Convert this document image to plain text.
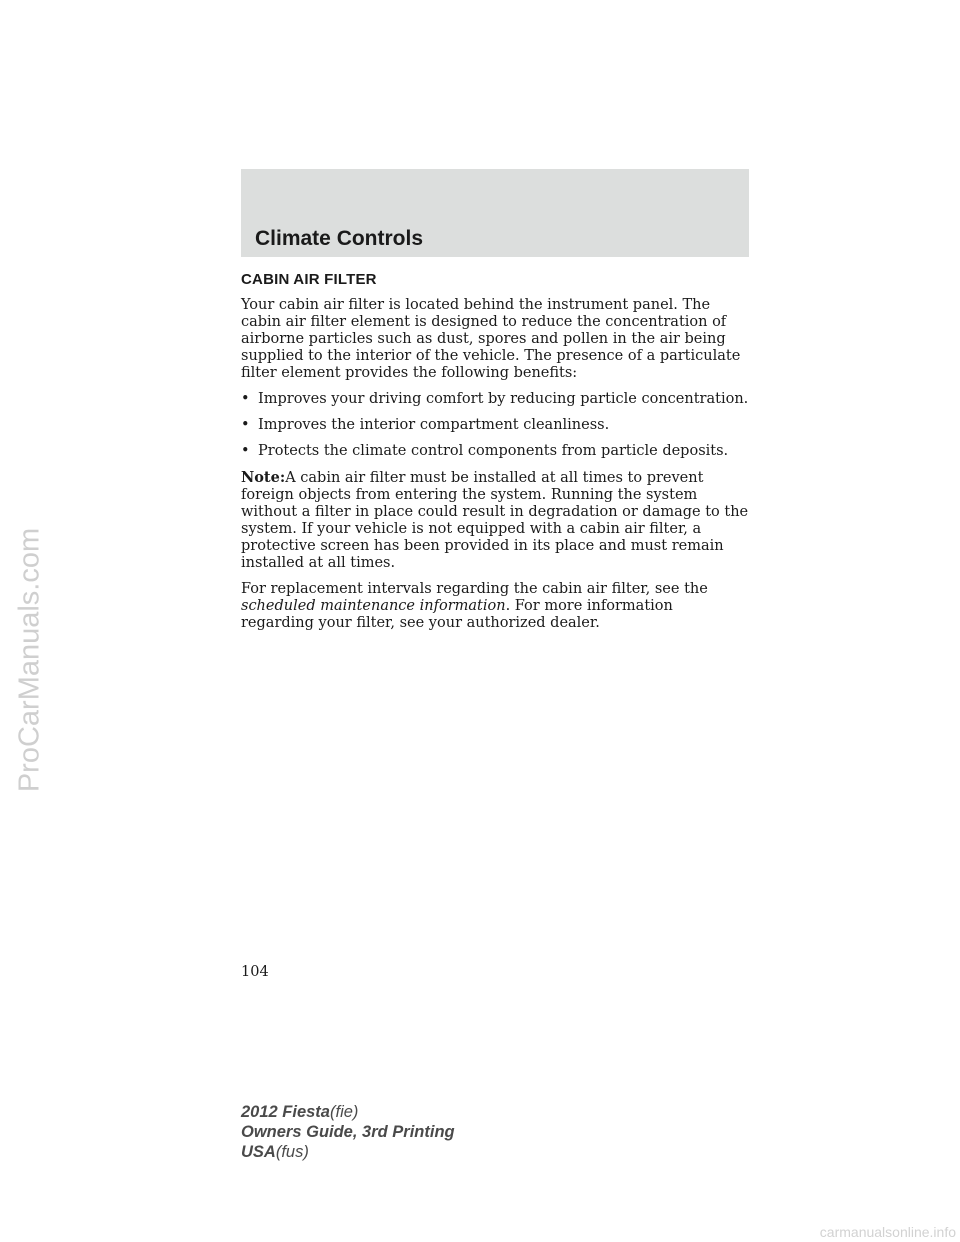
Climate Controls
CABIN AIR FILTER

Your cabin air filter is located behind the instrument panel. The cabin air filter element is designed to reduce the concentration of airborne particles such as dust, spores and pollen in the air being supplied to the interior of the vehicle. The presence of a particulate filter element provides the following benefits:

• Improves your driving comfort by reducing particle concentration.
• Improves the interior compartment cleanliness.
• Protects the climate control components from particle deposits.

Note:A cabin air filter must be installed at all times to prevent foreign objects from entering the system. Running the system without a filter in place could result in degradation or damage to the system. If your vehicle is not equipped with a cabin air filter, a protective screen has been provided in its place and must remain installed at all times.

For replacement intervals regarding the cabin air filter, see the scheduled maintenance information. For more information regarding your filter, see your authorized dealer.

104

2012 Fiesta(fie)
Owners Guide, 3rd Printing
USA(fus)
ProCarManuals.com
carmanualsonline.info
